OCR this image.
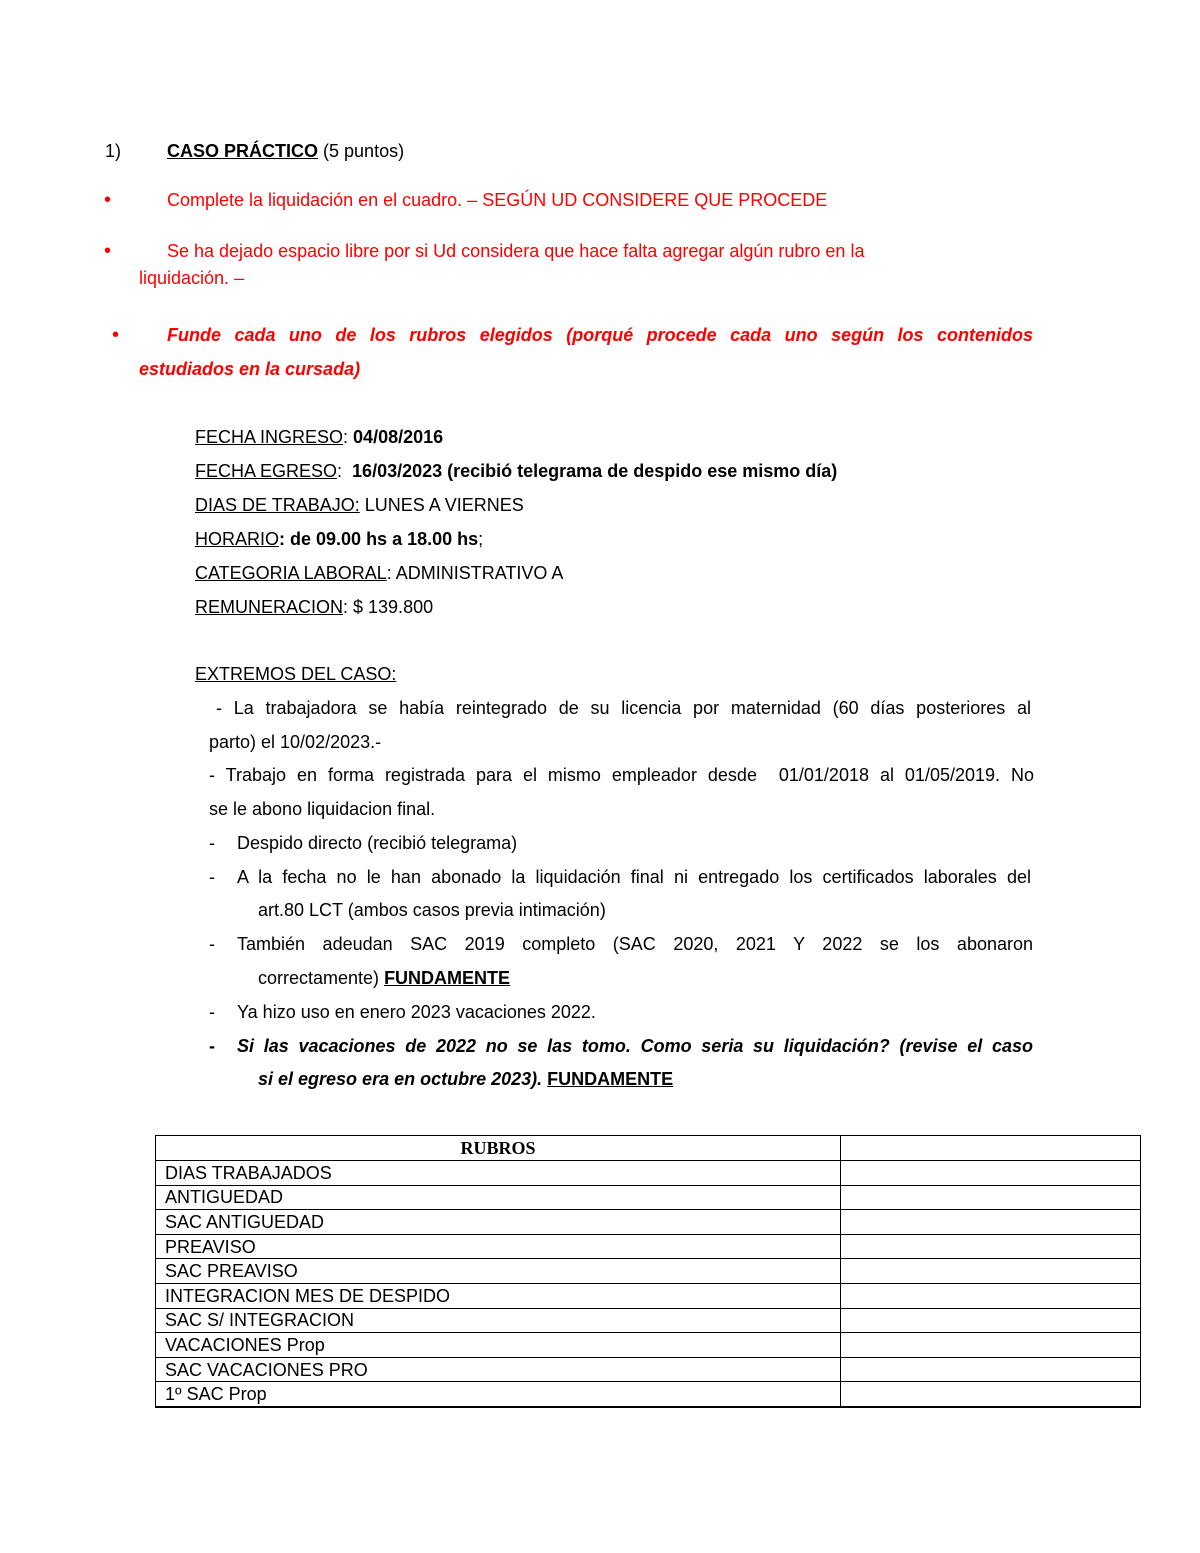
1)	CASO PRÁCTICO (5 puntos)
•	Complete la liquidación en el cuadro. – SEGÚN UD CONSIDERE QUE PROCEDE
•	Se ha dejado espacio libre por si Ud considera que hace falta agregar algún rubro en la
liquidación. –
•	Funde cada uno de los rubros elegidos (porqué procede cada uno según los contenidos
estudiados en la cursada)
FECHA INGRESO: 04/08/2016
FECHA EGRESO:  16/03/2023 (recibió telegrama de despido ese mismo día)
DIAS DE TRABAJO: LUNES A VIERNES
HORARIO: de 09.00 hs a 18.00 hs;
CATEGORIA LABORAL: ADMINISTRATIVO A
REMUNERACION: $ 139.800
EXTREMOS DEL CASO:
- La trabajadora se había reintegrado de su licencia por maternidad (60 días posteriores al
parto) el 10/02/2023.-
- Trabajo en forma registrada para el mismo empleador desde  01/01/2018 al 01/05/2019. No
se le abono liquidacion final.
- Despido directo (recibió telegrama)
- A la fecha no le han abonado la liquidación final ni entregado los certificados laborales del
art.80 LCT (ambos casos previa intimación)
- También adeudan SAC 2019 completo (SAC 2020, 2021 Y 2022 se los abonaron
correctamente) FUNDAMENTE
- Ya hizo uso en enero 2023 vacaciones 2022.
- Si las vacaciones de 2022 no se las tomo. Como seria su liquidación? (revise el caso
si el egreso era en octubre 2023). FUNDAMENTE
RUBROS	
DIAS TRABAJADOS	
ANTIGUEDAD	
SAC ANTIGUEDAD	
PREAVISO	
SAC PREAVISO	
INTEGRACION MES DE DESPIDO	
SAC S/ INTEGRACION	
VACACIONES Prop	
SAC VACACIONES PRO	
1º SAC Prop	
